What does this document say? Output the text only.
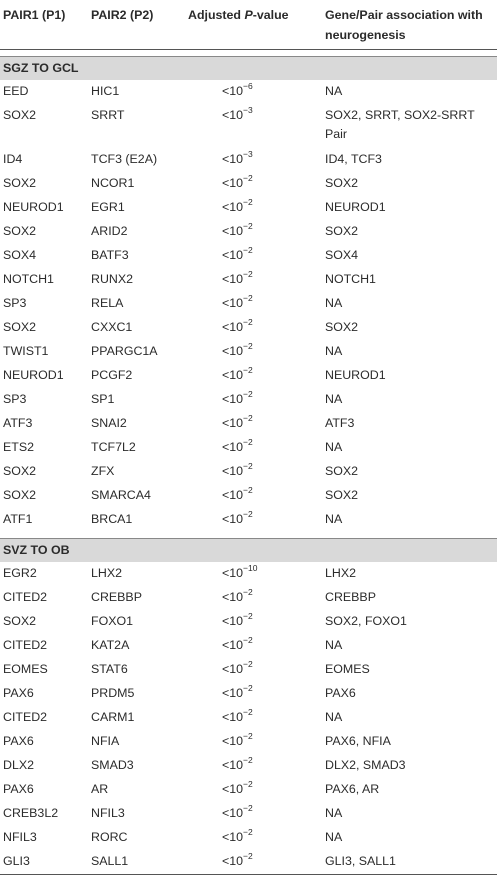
PAIR1 (P1)	PAIR2 (P2)	Adjusted P-value	Gene/Pair association with neurogenesis

SGZ TO GCL			
EED	HIC1	$<10^{-6}$	NA
SOX2	SRRT	$<10^{-3}$	SOX2, SRRT, SOX2-SRRT Pair
ID4	TCF3 (E2A)	$<10^{-3}$	ID4, TCF3
SOX2	NCOR1	$<10^{-2}$	SOX2
NEUROD1	EGR1	$<10^{-2}$	NEUROD1
SOX2	ARID2	$<10^{-2}$	SOX2
SOX4	BATF3	$<10^{-2}$	SOX4
NOTCH1	RUNX2	$<10^{-2}$	NOTCH1
SP3	RELA	$<10^{-2}$	NA
SOX2	CXXC1	$<10^{-2}$	SOX2
TWIST1	PPARGC1A	$<10^{-2}$	NA
NEUROD1	PCGF2	$<10^{-2}$	NEUROD1
SP3	SP1	$<10^{-2}$	NA
ATF3	SNAI2	$<10^{-2}$	ATF3
ETS2	TCF7L2	$<10^{-2}$	NA
SOX2	ZFX	$<10^{-2}$	SOX2
SOX2	SMARCA4	$<10^{-2}$	SOX2
ATF1	BRCA1	$<10^{-2}$	NA

SVZ TO OB			
EGR2	LHX2	$<10^{-10}$	LHX2
CITED2	CREBBP	$<10^{-2}$	CREBBP
SOX2	FOXO1	$<10^{-2}$	SOX2, FOXO1
CITED2	KAT2A	$<10^{-2}$	NA
EOMES	STAT6	$<10^{-2}$	EOMES
PAX6	PRDM5	$<10^{-2}$	PAX6
CITED2	CARM1	$<10^{-2}$	NA
PAX6	NFIA	$<10^{-2}$	PAX6, NFIA
DLX2	SMAD3	$<10^{-2}$	DLX2, SMAD3
PAX6	AR	$<10^{-2}$	PAX6, AR
CREB3L2	NFIL3	$<10^{-2}$	NA
NFIL3	RORC	$<10^{-2}$	NA
GLI3	SALL1	$<10^{-2}$	GLI3, SALL1
